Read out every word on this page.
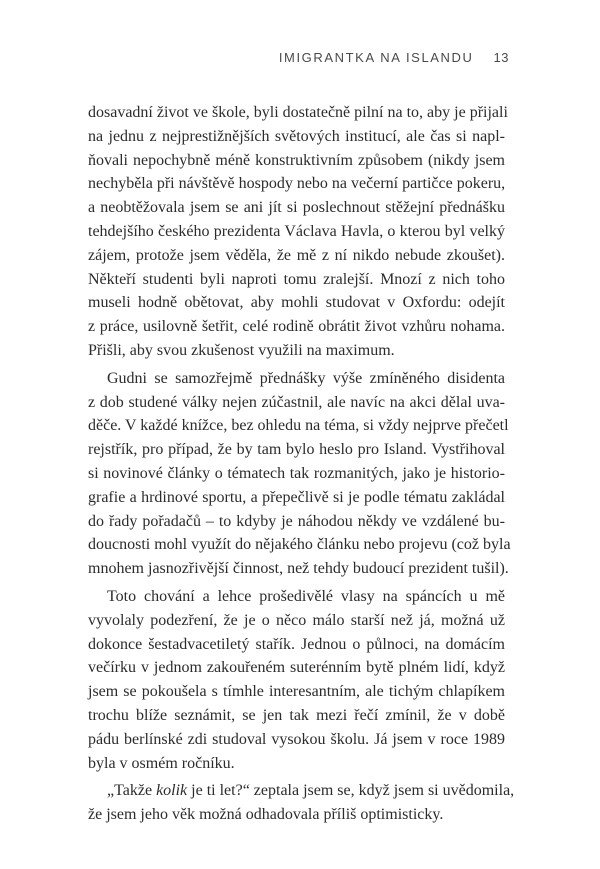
IMIGRANTKA NA ISLANDU 13
dosavadní život ve škole, byli dostatečně pilní na to, aby je přijali
na jednu z nejprestižnějších světových institucí, ale čas si napl-
ňovali nepochybně méně konstruktivním způsobem (nikdy jsem
nechyběla při návštěvě hospody nebo na večerní partičce pokeru,
a neobtěžovala jsem se ani jít si poslechnout stěžejní přednášku
tehdejšího českého prezidenta Václava Havla, o kterou byl velký
zájem, protože jsem věděla, že mě z ní nikdo nebude zkoušet).
Někteří studenti byli naproti tomu zralejší. Mnozí z nich toho
museli hodně obětovat, aby mohli studovat v Oxfordu: odejít
z práce, usilovně šetřit, celé rodině obrátit život vzhůru nohama.
Přišli, aby svou zkušenost využili na maximum.
Gudni se samozřejmě přednášky výše zmíněného disidenta
z dob studené války nejen zúčastnil, ale navíc na akci dělal uva-
děče. V každé knížce, bez ohledu na téma, si vždy nejprve přečetl
rejstřík, pro případ, že by tam bylo heslo pro Island. Vystřihoval
si novinové články o tématech tak rozmanitých, jako je historio-
grafie a hrdinové sportu, a přepečlivě si je podle tématu zakládal
do řady pořadačů – to kdyby je náhodou někdy ve vzdálené bu-
doucnosti mohl využít do nějakého článku nebo projevu (což byla
mnohem jasnozřivější činnost, než tehdy budoucí prezident tušil).
Toto chování a lehce prošedivělé vlasy na spáncích u mě
vyvolaly podezření, že je o něco málo starší než já, možná už
dokonce šestadvacetiletý stařík. Jednou o půlnoci, na domácím
večírku v jednom zakouřeném suterénním bytě plném lidí, když
jsem se pokoušela s tímhle interesantním, ale tichým chlapíkem
trochu blíže seznámit, se jen tak mezi řečí zmínil, že v době
pádu berlínské zdi studoval vysokou školu. Já jsem v roce 1989
byla v osmém ročníku.
„Takže kolik je ti let?“ zeptala jsem se, když jsem si uvědomila,
že jsem jeho věk možná odhadovala příliš optimisticky.
